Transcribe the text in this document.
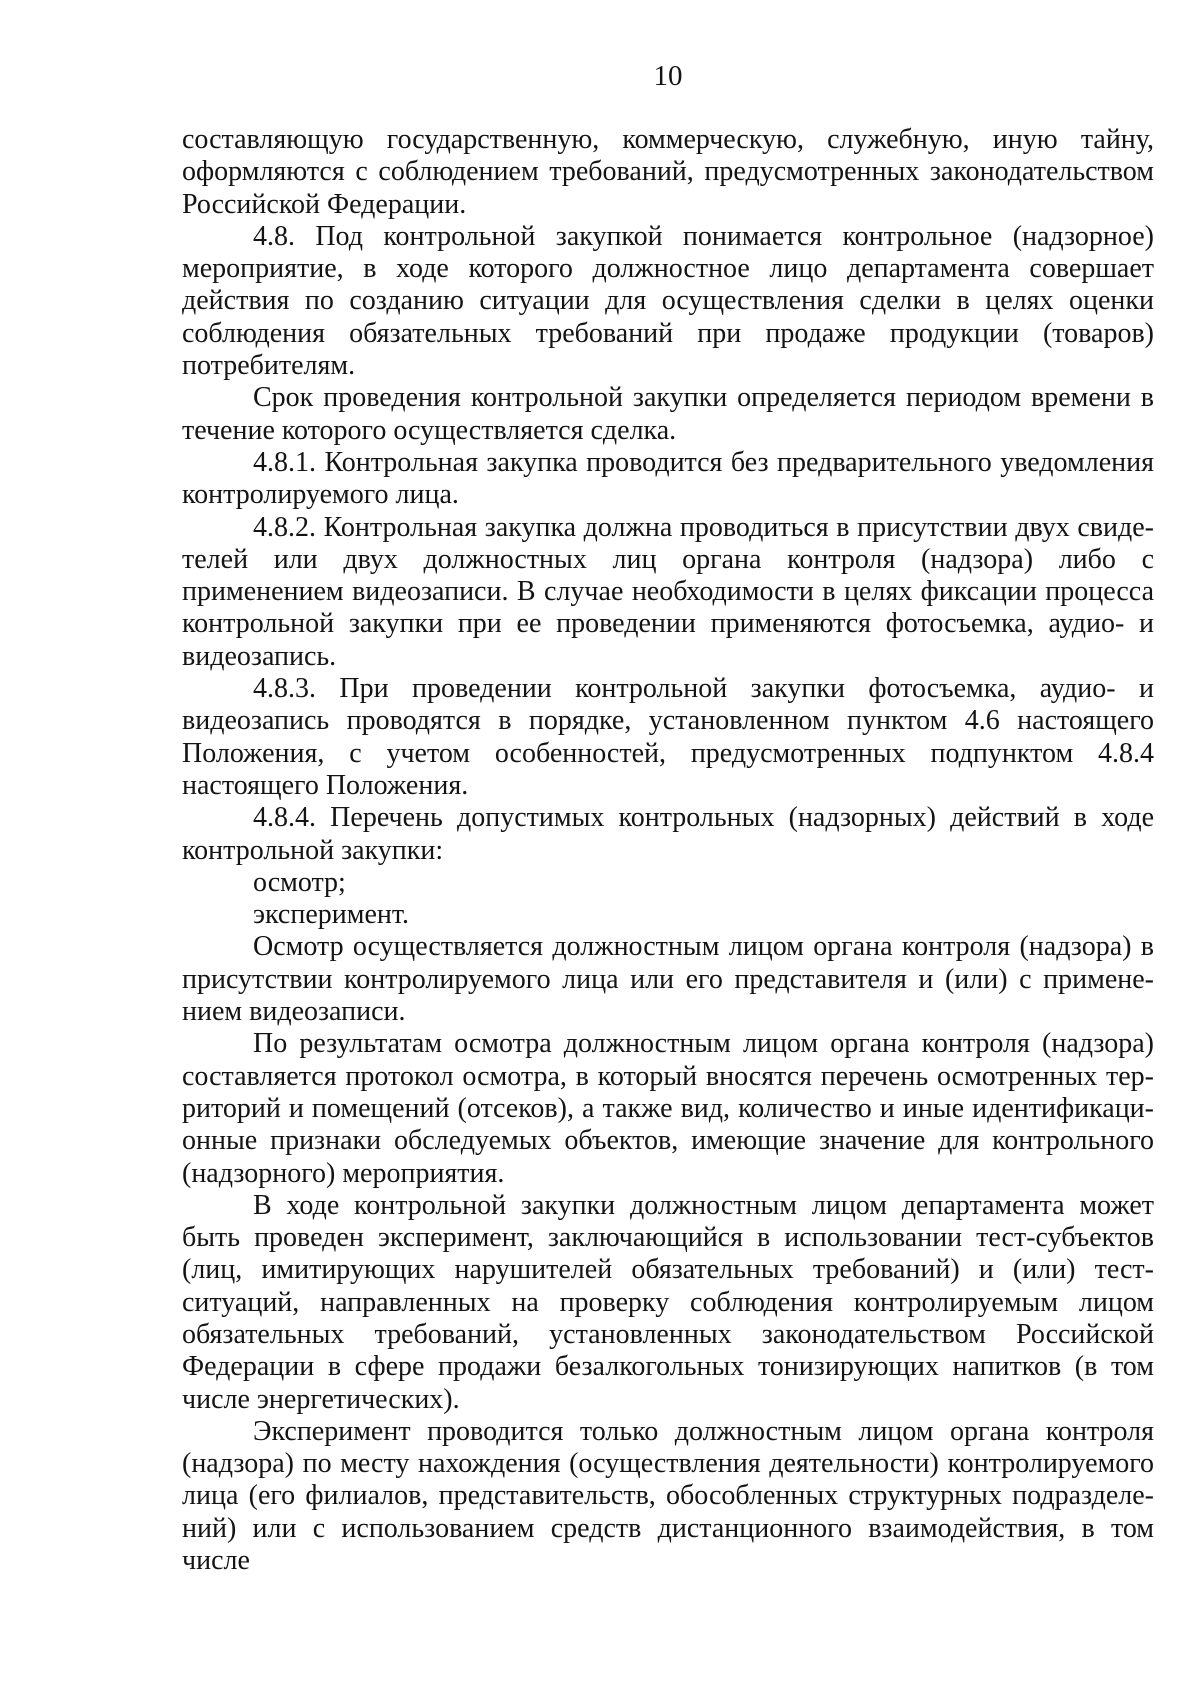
10

составляющую государственную, коммерческую, служебную, иную тайну, оформляются с соблюдением требований, предусмотренных законодательством Российской Федерации.

4.8. Под контрольной закупкой понимается контрольное (надзорное) мероприятие, в ходе которого должностное лицо департамента совершает действия по созданию ситуации для осуществления сделки в целях оценки соблюдения обязательных требований при продаже продукции (товаров) потребителям.

Срок проведения контрольной закупки определяется периодом времени в течение которого осуществляется сделка.

4.8.1. Контрольная закупка проводится без предварительного уведомления контролируемого лица.

4.8.2. Контрольная закупка должна проводиться в присутствии двух свидетелей или двух должностных лиц органа контроля (надзора) либо с применением видеозаписи. В случае необходимости в целях фиксации процесса контрольной закупки при ее проведении применяются фотосъемка, аудио- и видеозапись.

4.8.3. При проведении контрольной закупки фотосъемка, аудио- и видеозапись проводятся в порядке, установленном пунктом 4.6 настоящего Положения, с учетом особенностей, предусмотренных подпунктом 4.8.4 настоящего Положения.

4.8.4. Перечень допустимых контрольных (надзорных) действий в ходе контрольной закупки:

осмотр;

эксперимент.

Осмотр осуществляется должностным лицом органа контроля (надзора) в присутствии контролируемого лица или его представителя и (или) с применением видеозаписи.

По результатам осмотра должностным лицом органа контроля (надзора) составляется протокол осмотра, в который вносятся перечень осмотренных территорий и помещений (отсеков), а также вид, количество и иные идентификационные признаки обследуемых объектов, имеющие значение для контрольного (надзорного) мероприятия.

В ходе контрольной закупки должностным лицом департамента может быть проведен эксперимент, заключающийся в использовании тест-субъектов (лиц, имитирующих нарушителей обязательных требований) и (или) тестситуаций, направленных на проверку соблюдения контролируемым лицом обязательных требований, установленных законодательством Российской Федерации в сфере продажи безалкогольных тонизирующих напитков (в том числе энергетических).

Эксперимент проводится только должностным лицом органа контроля (надзора) по месту нахождения (осуществления деятельности) контролируемого лица (его филиалов, представительств, обособленных структурных подразделений) или с использованием средств дистанционного взаимодействия, в том числе
